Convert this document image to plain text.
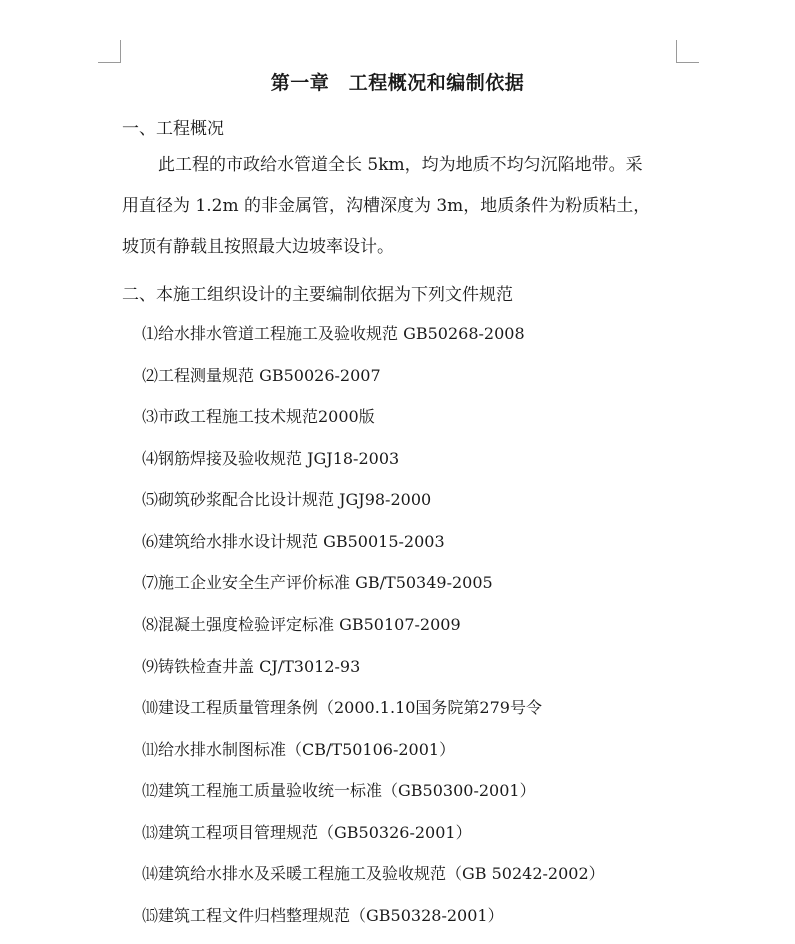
第一章　工程概况和编制依据
一、工程概况
此工程的市政给水管道全长 5km，均为地质不均匀沉陷地带。采
用直径为 1.2m 的非金属管，沟槽深度为 3m，地质条件为粉质粘土，
坡顶有静载且按照最大边坡率设计。
二、本施工组织设计的主要编制依据为下列文件规范
⑴给水排水管道工程施工及验收规范 GB50268-2008
⑵工程测量规范 GB50026-2007
⑶市政工程施工技术规范2000版
⑷钢筋焊接及验收规范 JGJ18-2003
⑸砌筑砂浆配合比设计规范 JGJ98-2000
⑹建筑给水排水设计规范 GB50015-2003
⑺施工企业安全生产评价标准 GB/T50349-2005
⑻混凝土强度检验评定标准 GB50107-2009
⑼铸铁检查井盖 CJ/T3012-93
⑽建设工程质量管理条例（2000.1.10国务院第279号令
⑾给水排水制图标准（CB/T50106-2001）
⑿建筑工程施工质量验收统一标准（GB50300-2001）
⒀建筑工程项目管理规范（GB50326-2001）
⒁建筑给水排水及采暖工程施工及验收规范（GB 50242-2002）
⒂建筑工程文件归档整理规范（GB50328-2001）
